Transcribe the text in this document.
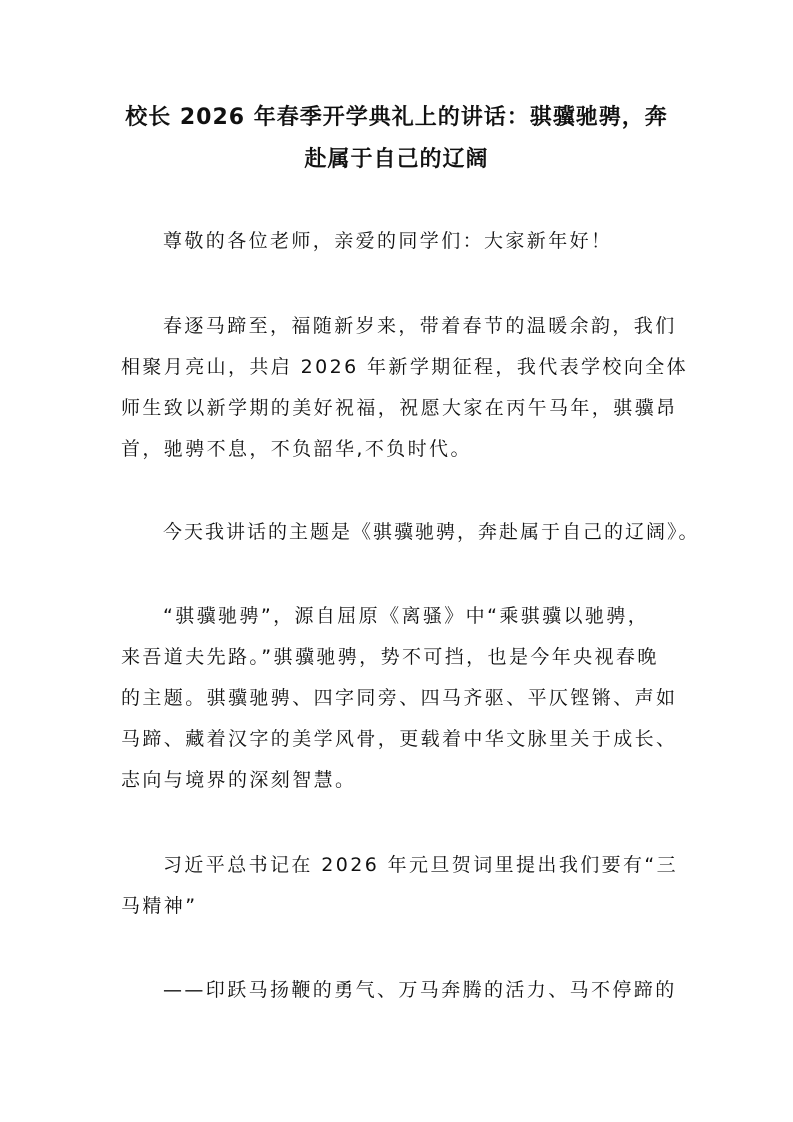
校长 2026 年春季开学典礼上的讲话：骐骥驰骋，奔
赴属于自己的辽阔
尊敬的各位老师，亲爱的同学们：大家新年好！
春逐马蹄至，福随新岁来，带着春节的温暖余韵，我们
相聚月亮山，共启 2026 年新学期征程，我代表学校向全体
师生致以新学期的美好祝福，祝愿大家在丙午马年，骐骥昂
首，驰骋不息，不负韶华,不负时代。
今天我讲话的主题是《骐骥驰骋，奔赴属于自己的辽阔》。
“骐骥驰骋”，源自屈原《离骚》中“乘骐骥以驰骋，
来吾道夫先路。”骐骥驰骋，势不可挡，也是今年央视春晚
的主题。骐骥驰骋、四字同旁、四马齐驱、平仄铿锵、声如
马蹄、藏着汉字的美学风骨，更载着中华文脉里关于成长、
志向与境界的深刻智慧。
习近平总书记在 2026 年元旦贺词里提出我们要有“三
马精神”
——印跃马扬鞭的勇气、万马奔腾的活力、马不停蹄的
